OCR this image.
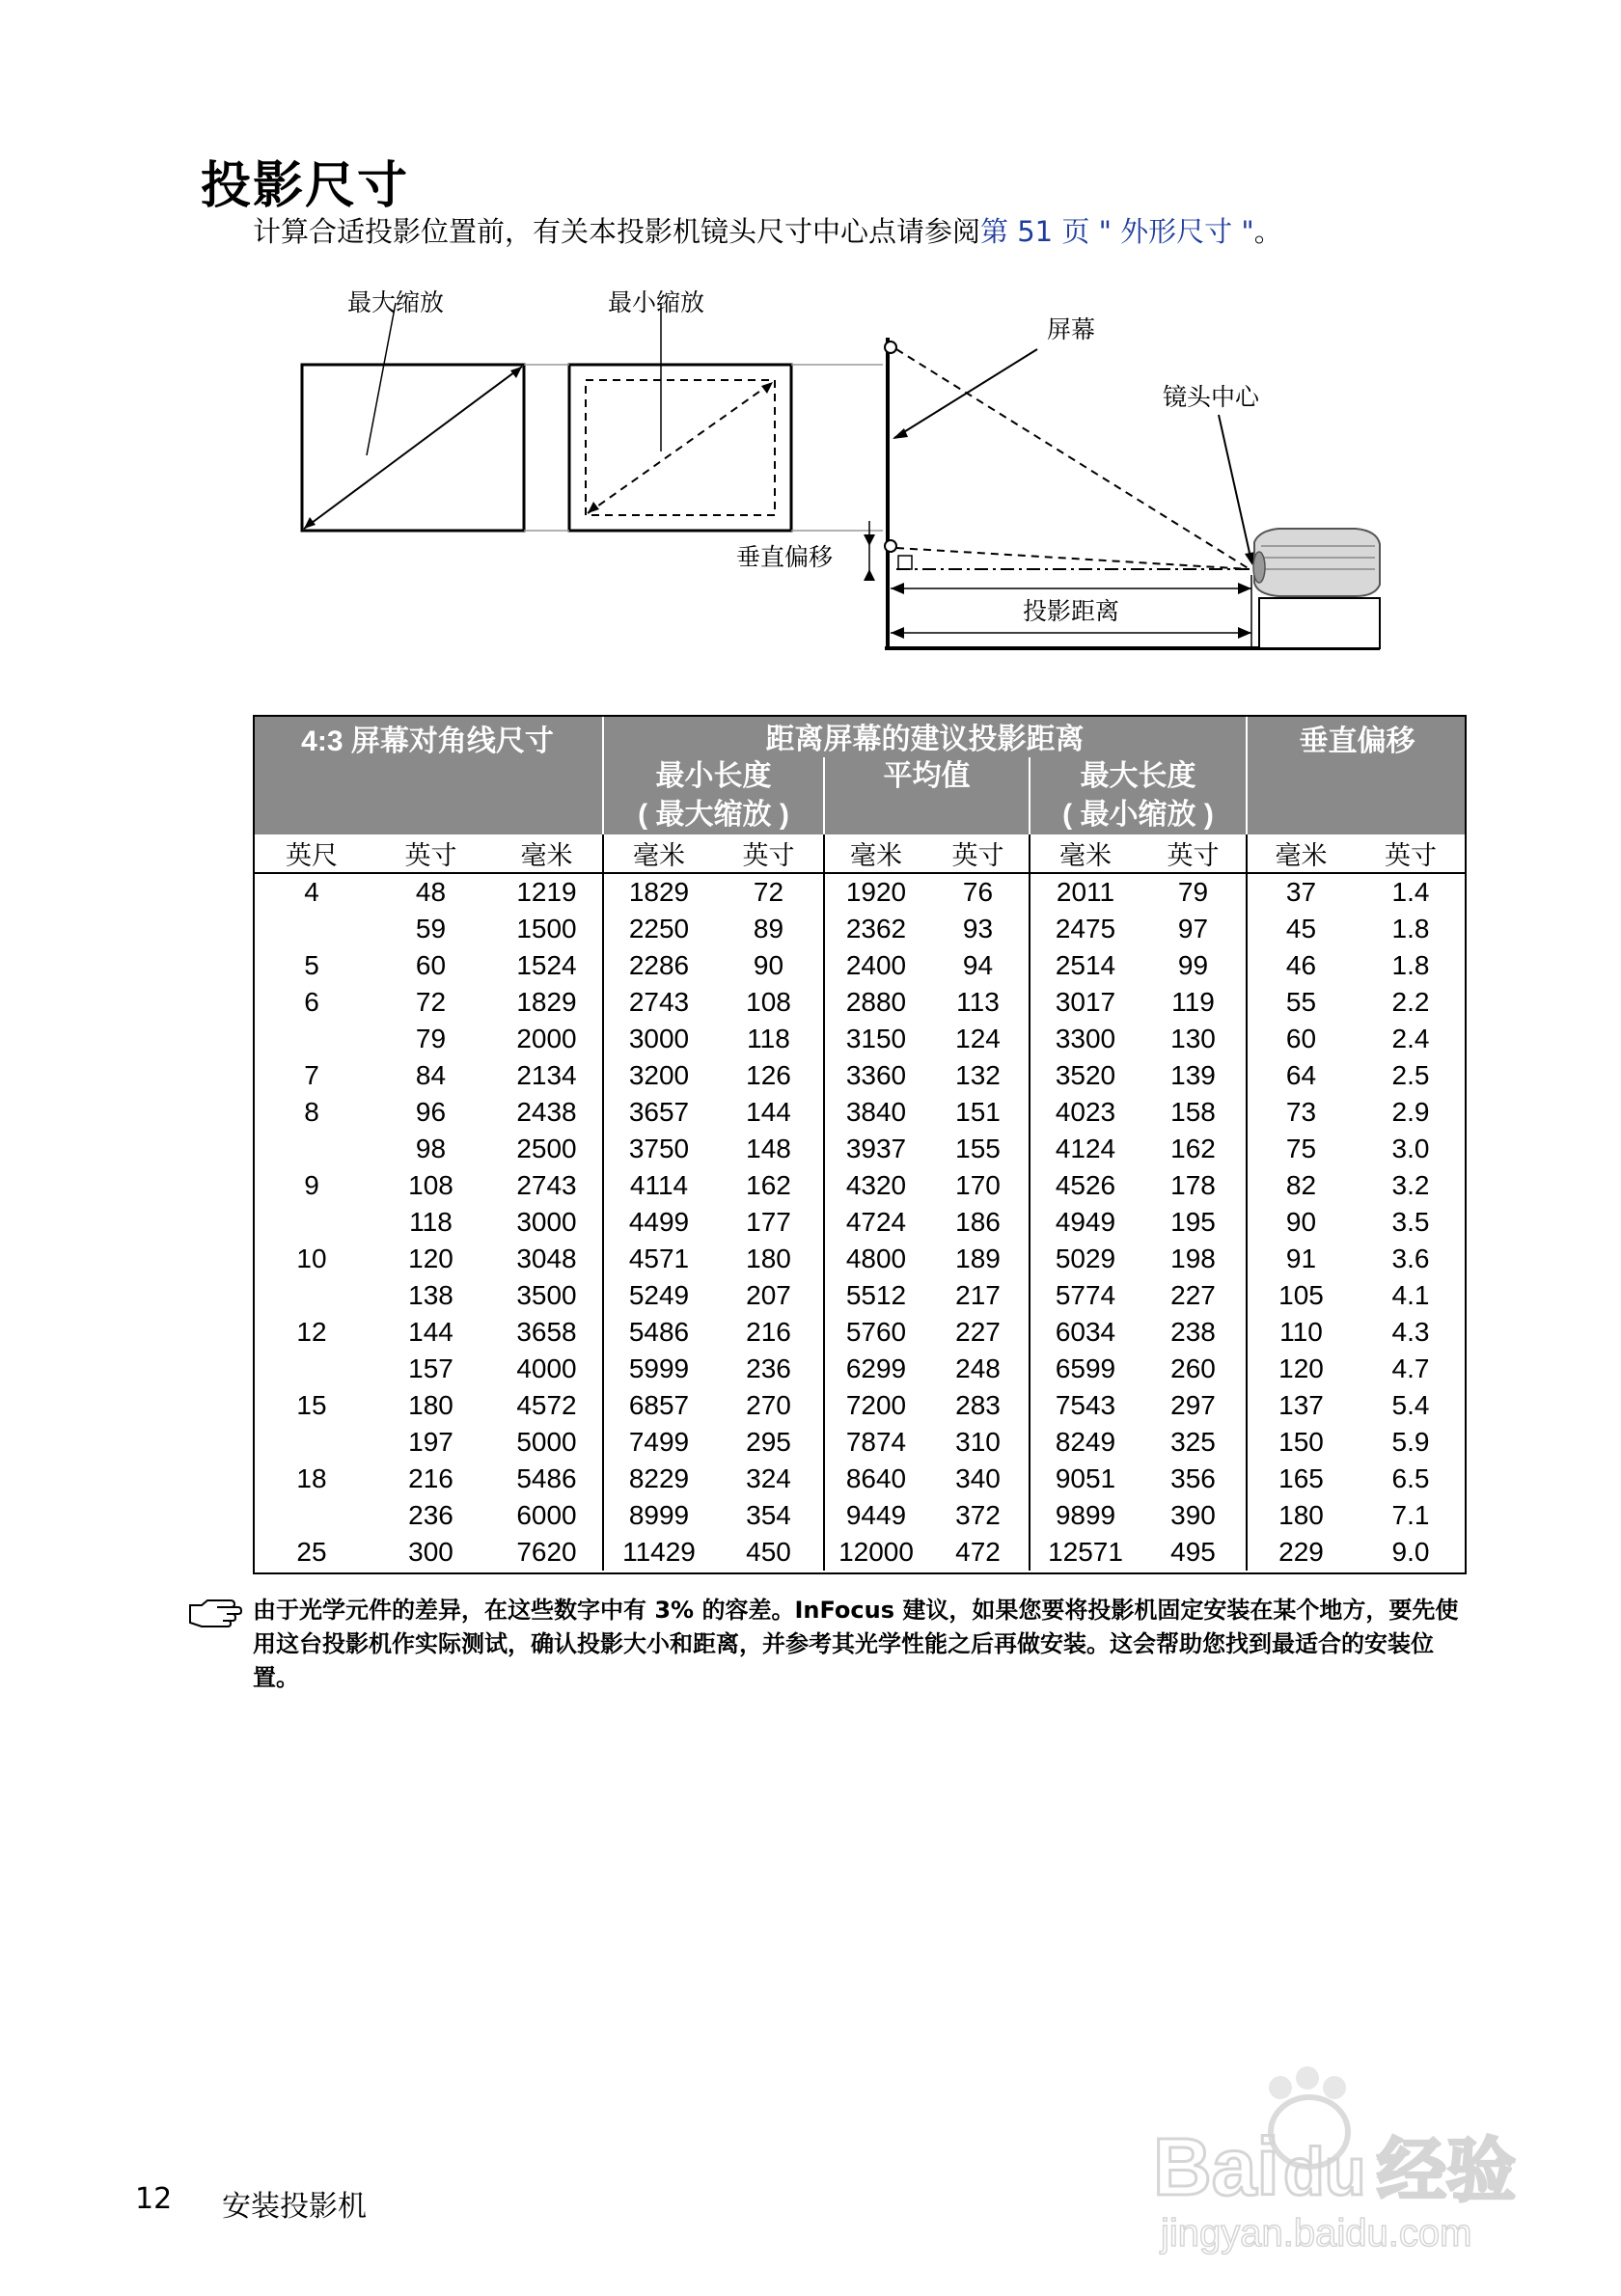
投影尺寸
计算合适投影位置前，有关本投影机镜头尺寸中心点请参阅第 51 页 " 外形尺寸 "。
最大缩放	最小缩放
屏幕
垂直偏移
投影距离
镜头中心
4:3 屏幕对角线尺寸			距离屏幕的建议投影距离						垂直偏移	
			最小长度		平均值		最大长度			
			( 最大缩放 )				( 最小缩放 )			
英尺	英寸	毫米	毫米	英寸	毫米	英寸	毫米	英寸	毫米	英寸
4	48	1219	1829	72	1920	76	2011	79	37	1.4
	59	1500	2250	89	2362	93	2475	97	45	1.8
5	60	1524	2286	90	2400	94	2514	99	46	1.8
6	72	1829	2743	108	2880	113	3017	119	55	2.2
	79	2000	3000	118	3150	124	3300	130	60	2.4
7	84	2134	3200	126	3360	132	3520	139	64	2.5
8	96	2438	3657	144	3840	151	4023	158	73	2.9
	98	2500	3750	148	3937	155	4124	162	75	3.0
9	108	2743	4114	162	4320	170	4526	178	82	3.2
	118	3000	4499	177	4724	186	4949	195	90	3.5
10	120	3048	4571	180	4800	189	5029	198	91	3.6
	138	3500	5249	207	5512	217	5774	227	105	4.1
12	144	3658	5486	216	5760	227	6034	238	110	4.3
	157	4000	5999	236	6299	248	6599	260	120	4.7
15	180	4572	6857	270	7200	283	7543	297	137	5.4
	197	5000	7499	295	7874	310	8249	325	150	5.9
18	216	5486	8229	324	8640	340	9051	356	165	6.5
	236	6000	8999	354	9449	372	9899	390	180	7.1
25	300	7620	11429	450	12000	472	12571	495	229	9.0
由于光学元件的差异，在这些数字中有 3% 的容差。InFocus 建议，如果您要将投影机固定安装在某个地方，要先使用这台投影机作实际测试，确认投影大小和距离，并参考其光学性能之后再做安装。这会帮助您找到最适合的安装位置。
12 安装投影机	Bai du 经验
jingyan.baidu.com
